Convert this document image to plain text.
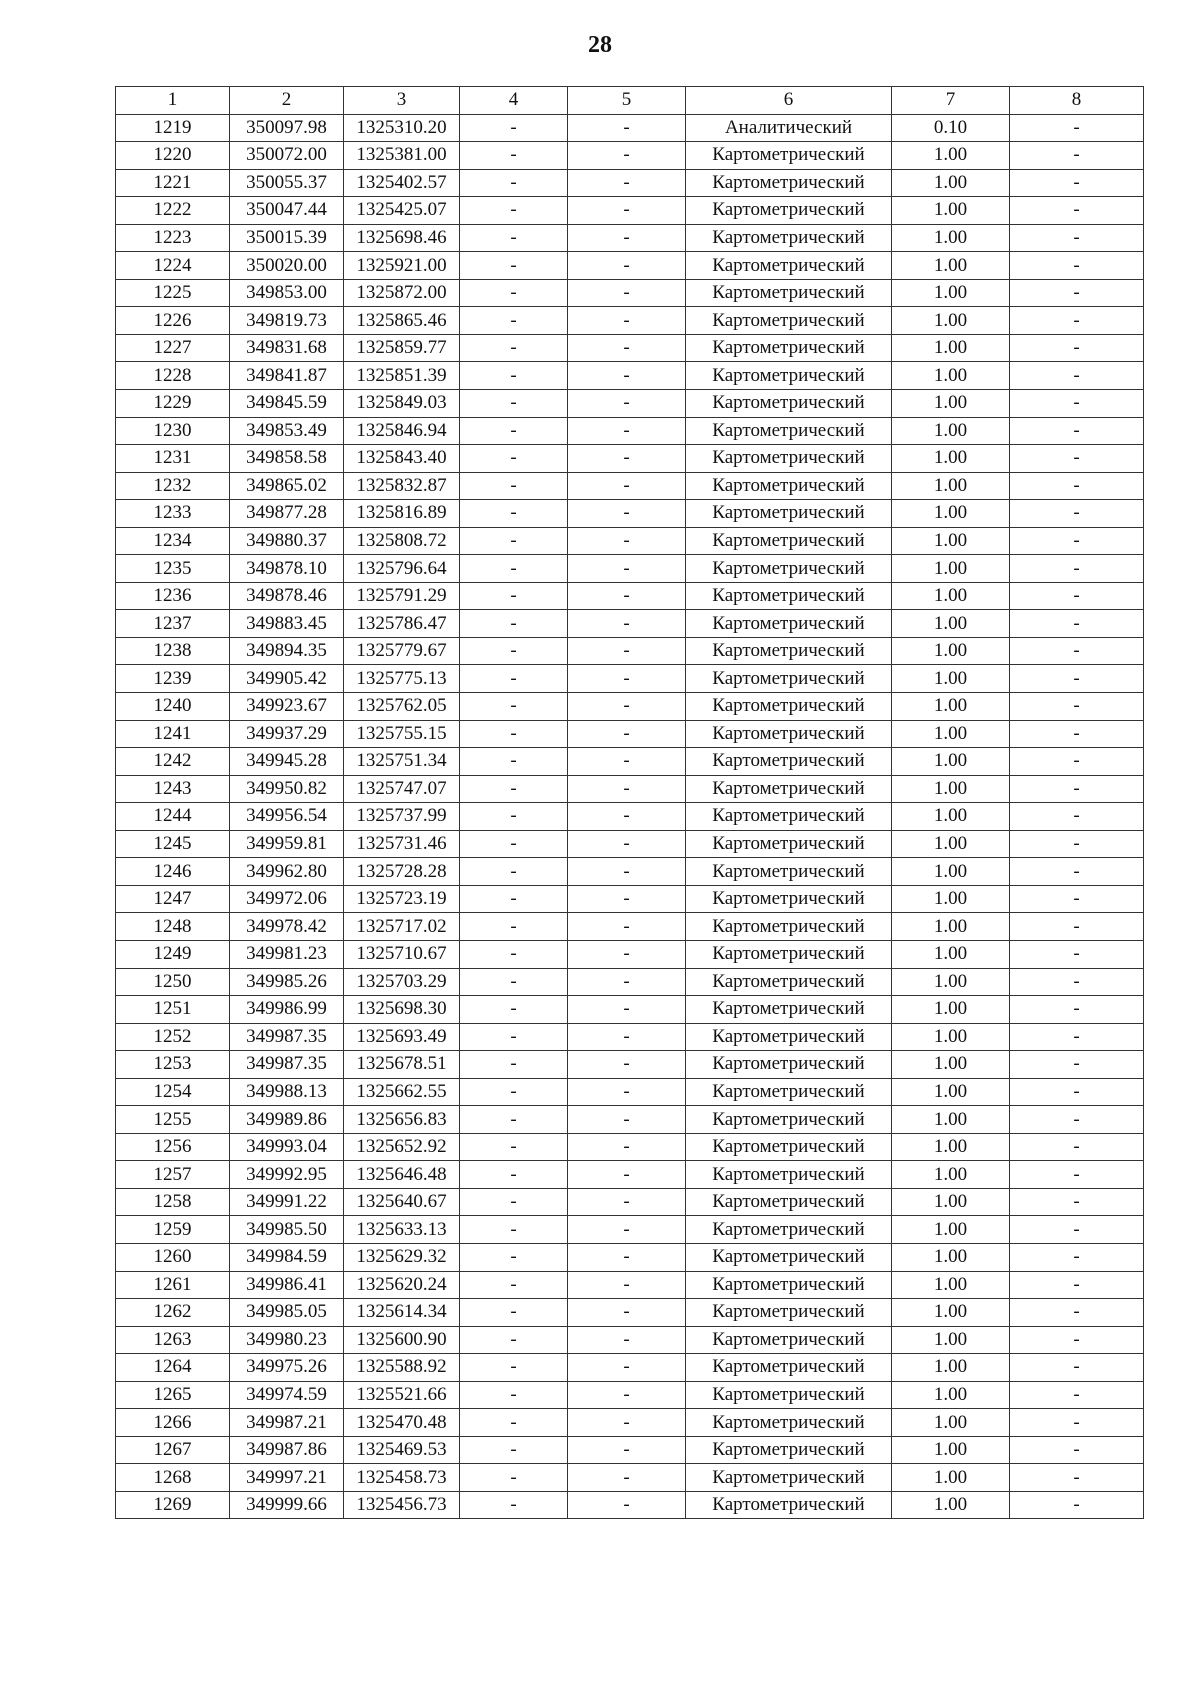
28
1	2	3	4	5	6	7	8
1219	350097.98	1325310.20	-	-	Аналитический	0.10	-
1220	350072.00	1325381.00	-	-	Картометрический	1.00	-
1221	350055.37	1325402.57	-	-	Картометрический	1.00	-
1222	350047.44	1325425.07	-	-	Картометрический	1.00	-
1223	350015.39	1325698.46	-	-	Картометрический	1.00	-
1224	350020.00	1325921.00	-	-	Картометрический	1.00	-
1225	349853.00	1325872.00	-	-	Картометрический	1.00	-
1226	349819.73	1325865.46	-	-	Картометрический	1.00	-
1227	349831.68	1325859.77	-	-	Картометрический	1.00	-
1228	349841.87	1325851.39	-	-	Картометрический	1.00	-
1229	349845.59	1325849.03	-	-	Картометрический	1.00	-
1230	349853.49	1325846.94	-	-	Картометрический	1.00	-
1231	349858.58	1325843.40	-	-	Картометрический	1.00	-
1232	349865.02	1325832.87	-	-	Картометрический	1.00	-
1233	349877.28	1325816.89	-	-	Картометрический	1.00	-
1234	349880.37	1325808.72	-	-	Картометрический	1.00	-
1235	349878.10	1325796.64	-	-	Картометрический	1.00	-
1236	349878.46	1325791.29	-	-	Картометрический	1.00	-
1237	349883.45	1325786.47	-	-	Картометрический	1.00	-
1238	349894.35	1325779.67	-	-	Картометрический	1.00	-
1239	349905.42	1325775.13	-	-	Картометрический	1.00	-
1240	349923.67	1325762.05	-	-	Картометрический	1.00	-
1241	349937.29	1325755.15	-	-	Картометрический	1.00	-
1242	349945.28	1325751.34	-	-	Картометрический	1.00	-
1243	349950.82	1325747.07	-	-	Картометрический	1.00	-
1244	349956.54	1325737.99	-	-	Картометрический	1.00	-
1245	349959.81	1325731.46	-	-	Картометрический	1.00	-
1246	349962.80	1325728.28	-	-	Картометрический	1.00	-
1247	349972.06	1325723.19	-	-	Картометрический	1.00	-
1248	349978.42	1325717.02	-	-	Картометрический	1.00	-
1249	349981.23	1325710.67	-	-	Картометрический	1.00	-
1250	349985.26	1325703.29	-	-	Картометрический	1.00	-
1251	349986.99	1325698.30	-	-	Картометрический	1.00	-
1252	349987.35	1325693.49	-	-	Картометрический	1.00	-
1253	349987.35	1325678.51	-	-	Картометрический	1.00	-
1254	349988.13	1325662.55	-	-	Картометрический	1.00	-
1255	349989.86	1325656.83	-	-	Картометрический	1.00	-
1256	349993.04	1325652.92	-	-	Картометрический	1.00	-
1257	349992.95	1325646.48	-	-	Картометрический	1.00	-
1258	349991.22	1325640.67	-	-	Картометрический	1.00	-
1259	349985.50	1325633.13	-	-	Картометрический	1.00	-
1260	349984.59	1325629.32	-	-	Картометрический	1.00	-
1261	349986.41	1325620.24	-	-	Картометрический	1.00	-
1262	349985.05	1325614.34	-	-	Картометрический	1.00	-
1263	349980.23	1325600.90	-	-	Картометрический	1.00	-
1264	349975.26	1325588.92	-	-	Картометрический	1.00	-
1265	349974.59	1325521.66	-	-	Картометрический	1.00	-
1266	349987.21	1325470.48	-	-	Картометрический	1.00	-
1267	349987.86	1325469.53	-	-	Картометрический	1.00	-
1268	349997.21	1325458.73	-	-	Картометрический	1.00	-
1269	349999.66	1325456.73	-	-	Картометрический	1.00	-
